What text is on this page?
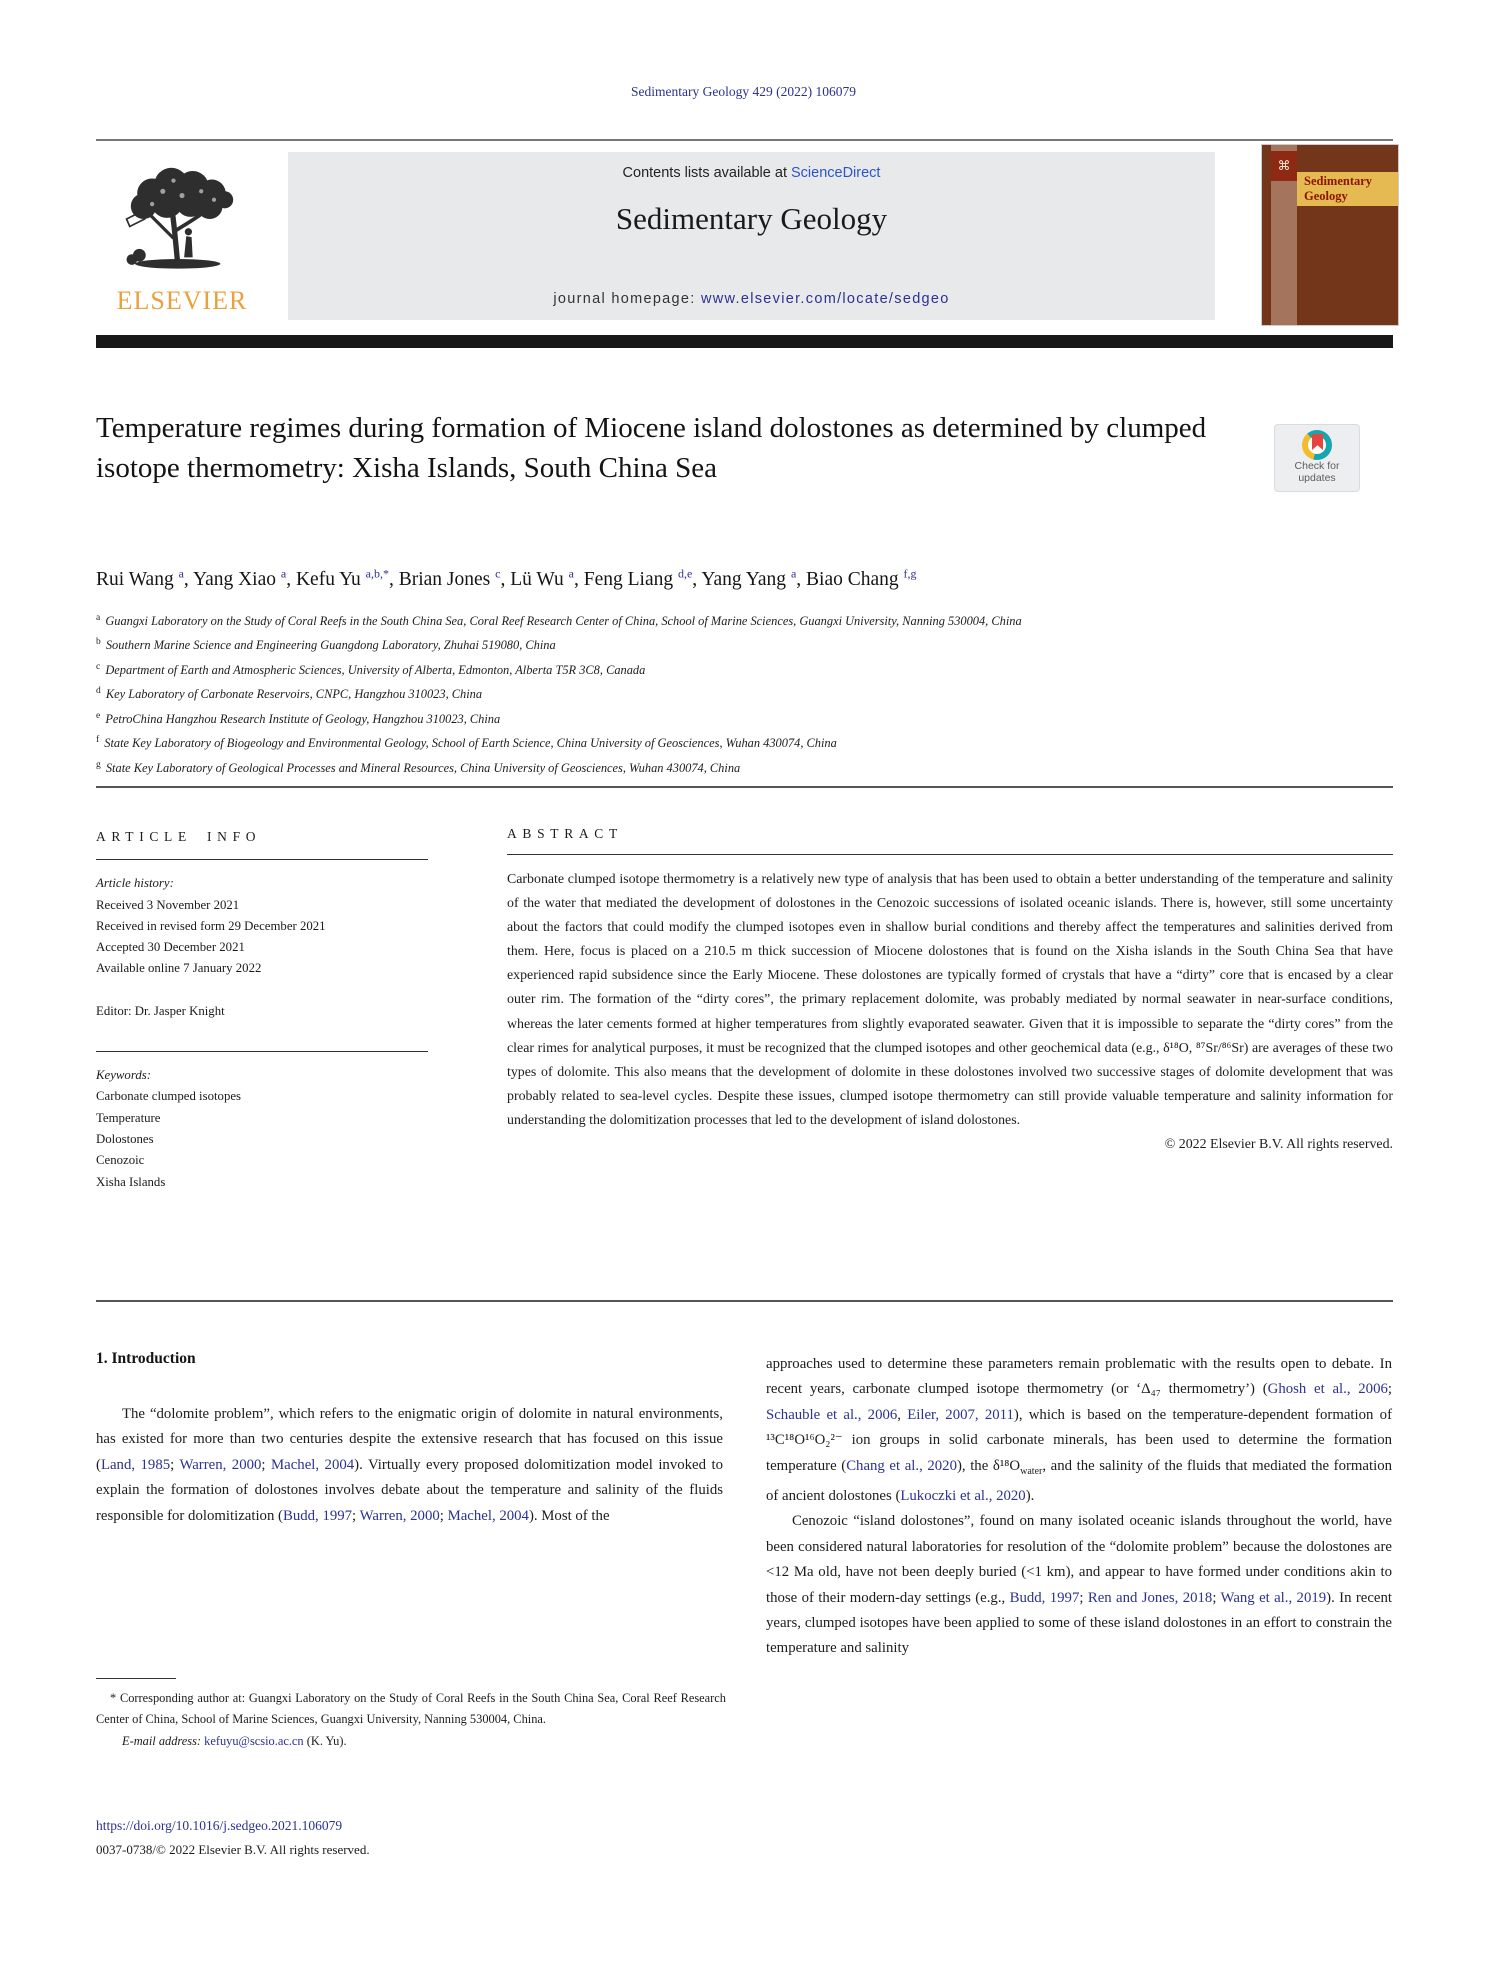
Sedimentary Geology 429 (2022) 106079
ELSEVIER
Contents lists available at ScienceDirect
Sedimentary Geology
journal homepage: www.elsevier.com/locate/sedgeo
⌘
Sedimentary Geology
Temperature regimes during formation of Miocene island dolostones as determined by clumped isotope thermometry: Xisha Islands, South China Sea	Check for
updates
Rui Wang $^a$, Yang Xiao $^a$, Kefu Yu $^{a,b,*}$, Brian Jones $^c$, Lü Wu $^a$, Feng Liang $^{d,e}$, Yang Yang $^a$, Biao Chang $^{f,g}$
$^a$ Guangxi Laboratory on the Study of Coral Reefs in the South China Sea, Coral Reef Research Center of China, School of Marine Sciences, Guangxi University, Nanning 530004, China
$^b$ Southern Marine Science and Engineering Guangdong Laboratory, Zhuhai 519080, China
$^c$ Department of Earth and Atmospheric Sciences, University of Alberta, Edmonton, Alberta T5R 3C8, Canada
$^d$ Key Laboratory of Carbonate Reservoirs, CNPC, Hangzhou 310023, China
$^e$ PetroChina Hangzhou Research Institute of Geology, Hangzhou 310023, China
$^f$ State Key Laboratory of Biogeology and Environmental Geology, School of Earth Science, China University of Geosciences, Wuhan 430074, China
$^g$ State Key Laboratory of Geological Processes and Mineral Resources, China University of Geosciences, Wuhan 430074, China
ARTICLE INFO
Article history:
Received 3 November 2021
Received in revised form 29 December 2021
Accepted 30 December 2021
Available online 7 January 2022
Editor: Dr. Jasper Knight
Keywords:
Carbonate clumped isotopes
Temperature
Dolostones
Cenozoic
Xisha Islands
ABSTRACT
Carbonate clumped isotope thermometry is a relatively new type of analysis that has been used to obtain a better understanding of the temperature and salinity of the water that mediated the development of dolostones in the Cenozoic successions of isolated oceanic islands. There is, however, still some uncertainty about the factors that could modify the clumped isotopes even in shallow burial conditions and thereby affect the temperatures and salinities derived from them. Here, focus is placed on a 210.5 m thick succession of Miocene dolostones that is found on the Xisha islands in the South China Sea that have experienced rapid subsidence since the Early Miocene. These dolostones are typically formed of crystals that have a “dirty” core that is encased by a clear outer rim. The formation of the “dirty cores”, the primary replacement dolomite, was probably mediated by normal seawater in near-surface conditions, whereas the later cements formed at higher temperatures from slightly evaporated seawater. Given that it is impossible to separate the “dirty cores” from the clear rimes for analytical purposes, it must be recognized that the clumped isotopes and other geochemical data (e.g., δ¹⁸O, ⁸⁷Sr/⁸⁶Sr) are averages of these two types of dolomite. This also means that the development of dolomite in these dolostones involved two successive stages of dolomite development that was probably related to sea-level cycles. Despite these issues, clumped isotope thermometry can still provide valuable temperature and salinity information for understanding the dolomitization processes that led to the development of island dolostones.
© 2022 Elsevier B.V. All rights reserved.
1. Introduction

The “dolomite problem”, which refers to the enigmatic origin of dolomite in natural environments, has existed for more than two centuries despite the extensive research that has focused on this issue (Land, 1985; Warren, 2000; Machel, 2004). Virtually every proposed dolomitization model invoked to explain the formation of dolostones involves debate about the temperature and salinity of the fluids responsible for dolomitization (Budd, 1997; Warren, 2000; Machel, 2004). Most of the

approaches used to determine these parameters remain problematic with the results open to debate. In recent years, carbonate clumped isotope thermometry (or ‘Δ₄₇ thermometry’) (Ghosh et al., 2006; Schauble et al., 2006, Eiler, 2007, 2011), which is based on the temperature-dependent formation of ¹³C¹⁸O¹⁶O₂²⁻ ion groups in solid carbonate minerals, has been used to determine the formation temperature (Chang et al., 2020), the $\delta^{18}O_{water}$, and the salinity of the fluids that mediated the formation of ancient dolostones (Lukoczki et al., 2020).

Cenozoic “island dolostones”, found on many isolated oceanic islands throughout the world, have been considered natural laboratories for resolution of the “dolomite problem” because the dolostones are <12 Ma old, have not been deeply buried (<1 km), and appear to have formed under conditions akin to those of their modern-day settings (e.g., Budd, 1997; Ren and Jones, 2018; Wang et al., 2019). In recent years, clumped isotopes have been applied to some of these island dolostones in an effort to constrain the temperature and salinity

* Corresponding author at: Guangxi Laboratory on the Study of Coral Reefs in the South China Sea, Coral Reef Research Center of China, School of Marine Sciences, Guangxi University, Nanning 530004, China.
E-mail address: kefuyu@scsio.ac.cn (K. Yu).
https://doi.org/10.1016/j.sedgeo.2021.106079
0037-0738/© 2022 Elsevier B.V. All rights reserved.
